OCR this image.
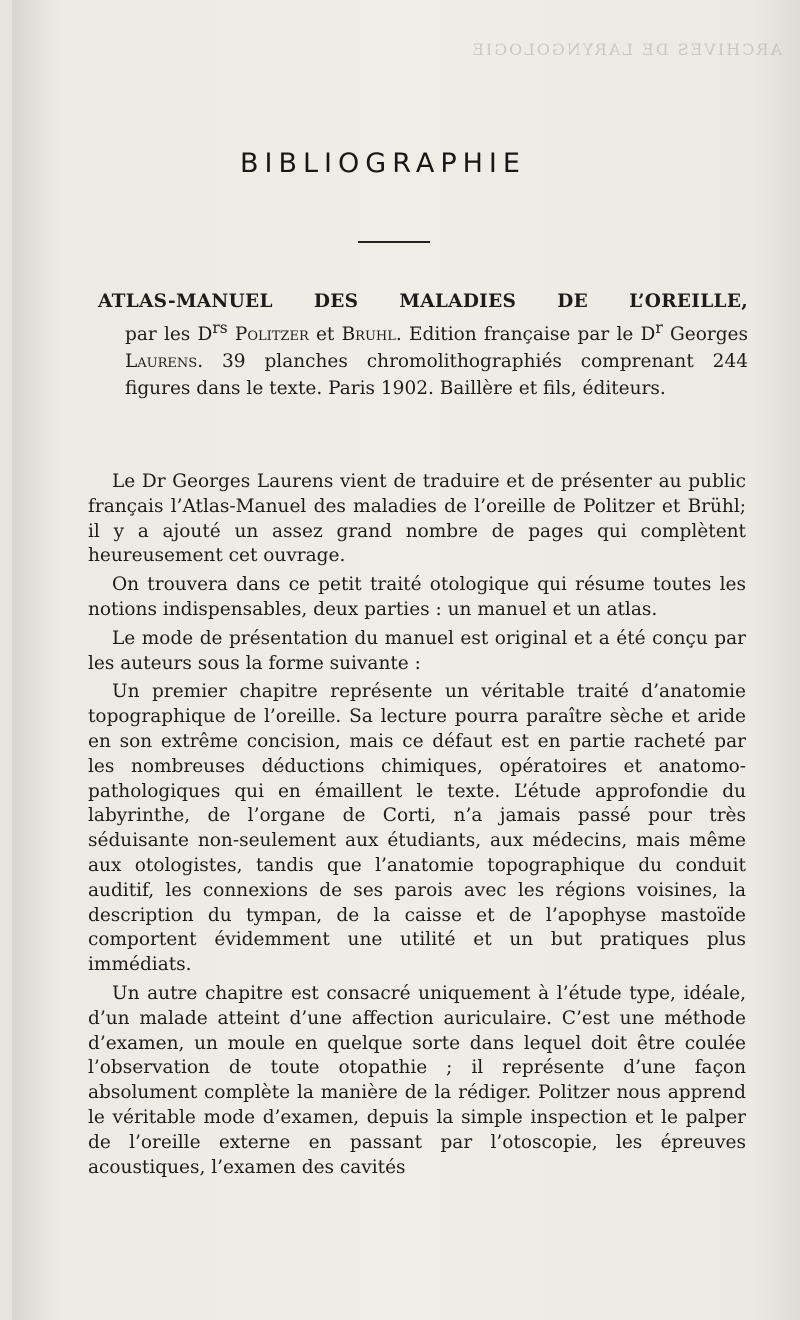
ARCHIVES DE LARYNGOLOGIE
BIBLIOGRAPHIE
ATLAS-MANUEL DES MALADIES DE L’OREILLE,
par les $D^{rs}$ Politzer et Bruhl. Edition française par le $D^r$ Georges Laurens. 39 planches chromolithographiés comprenant 244 figures dans le texte. Paris 1902. Baillère et fils, éditeurs.

Le Dr Georges Laurens vient de traduire et de présenter au public français l’Atlas-Manuel des maladies de l’oreille de Politzer et Brühl; il y a ajouté un assez grand nombre de pages qui complètent heureusement cet ouvrage.

On trouvera dans ce petit traité otologique qui résume toutes les notions indispensables, deux parties : un manuel et un atlas.

Le mode de présentation du manuel est original et a été conçu par les auteurs sous la forme suivante :

Un premier chapitre représente un véritable traité d’anatomie topographique de l’oreille. Sa lecture pourra paraître sèche et aride en son extrême concision, mais ce défaut est en partie racheté par les nombreuses déductions chimiques, opératoires et anatomo-pathologiques qui en émaillent le texte. L’étude approfondie du labyrinthe, de l’organe de Corti, n’a jamais passé pour très séduisante non-seulement aux étudiants, aux médecins, mais même aux otologistes, tandis que l’anatomie topographique du conduit auditif, les connexions de ses parois avec les régions voisines, la description du tympan, de la caisse et de l’apophyse mastoïde comportent évidemment une utilité et un but pratiques plus immédiats.

Un autre chapitre est consacré uniquement à l’étude type, idéale, d’un malade atteint d’une affection auriculaire. C’est une méthode d’examen, un moule en quelque sorte dans lequel doit être coulée l’observation de toute otopathie ; il représente d’une façon absolument complète la manière de la rédiger. Politzer nous apprend le véritable mode d’examen, depuis la simple inspection et le palper de l’oreille externe en passant par l’otoscopie, les épreuves acoustiques, l’examen des cavités
